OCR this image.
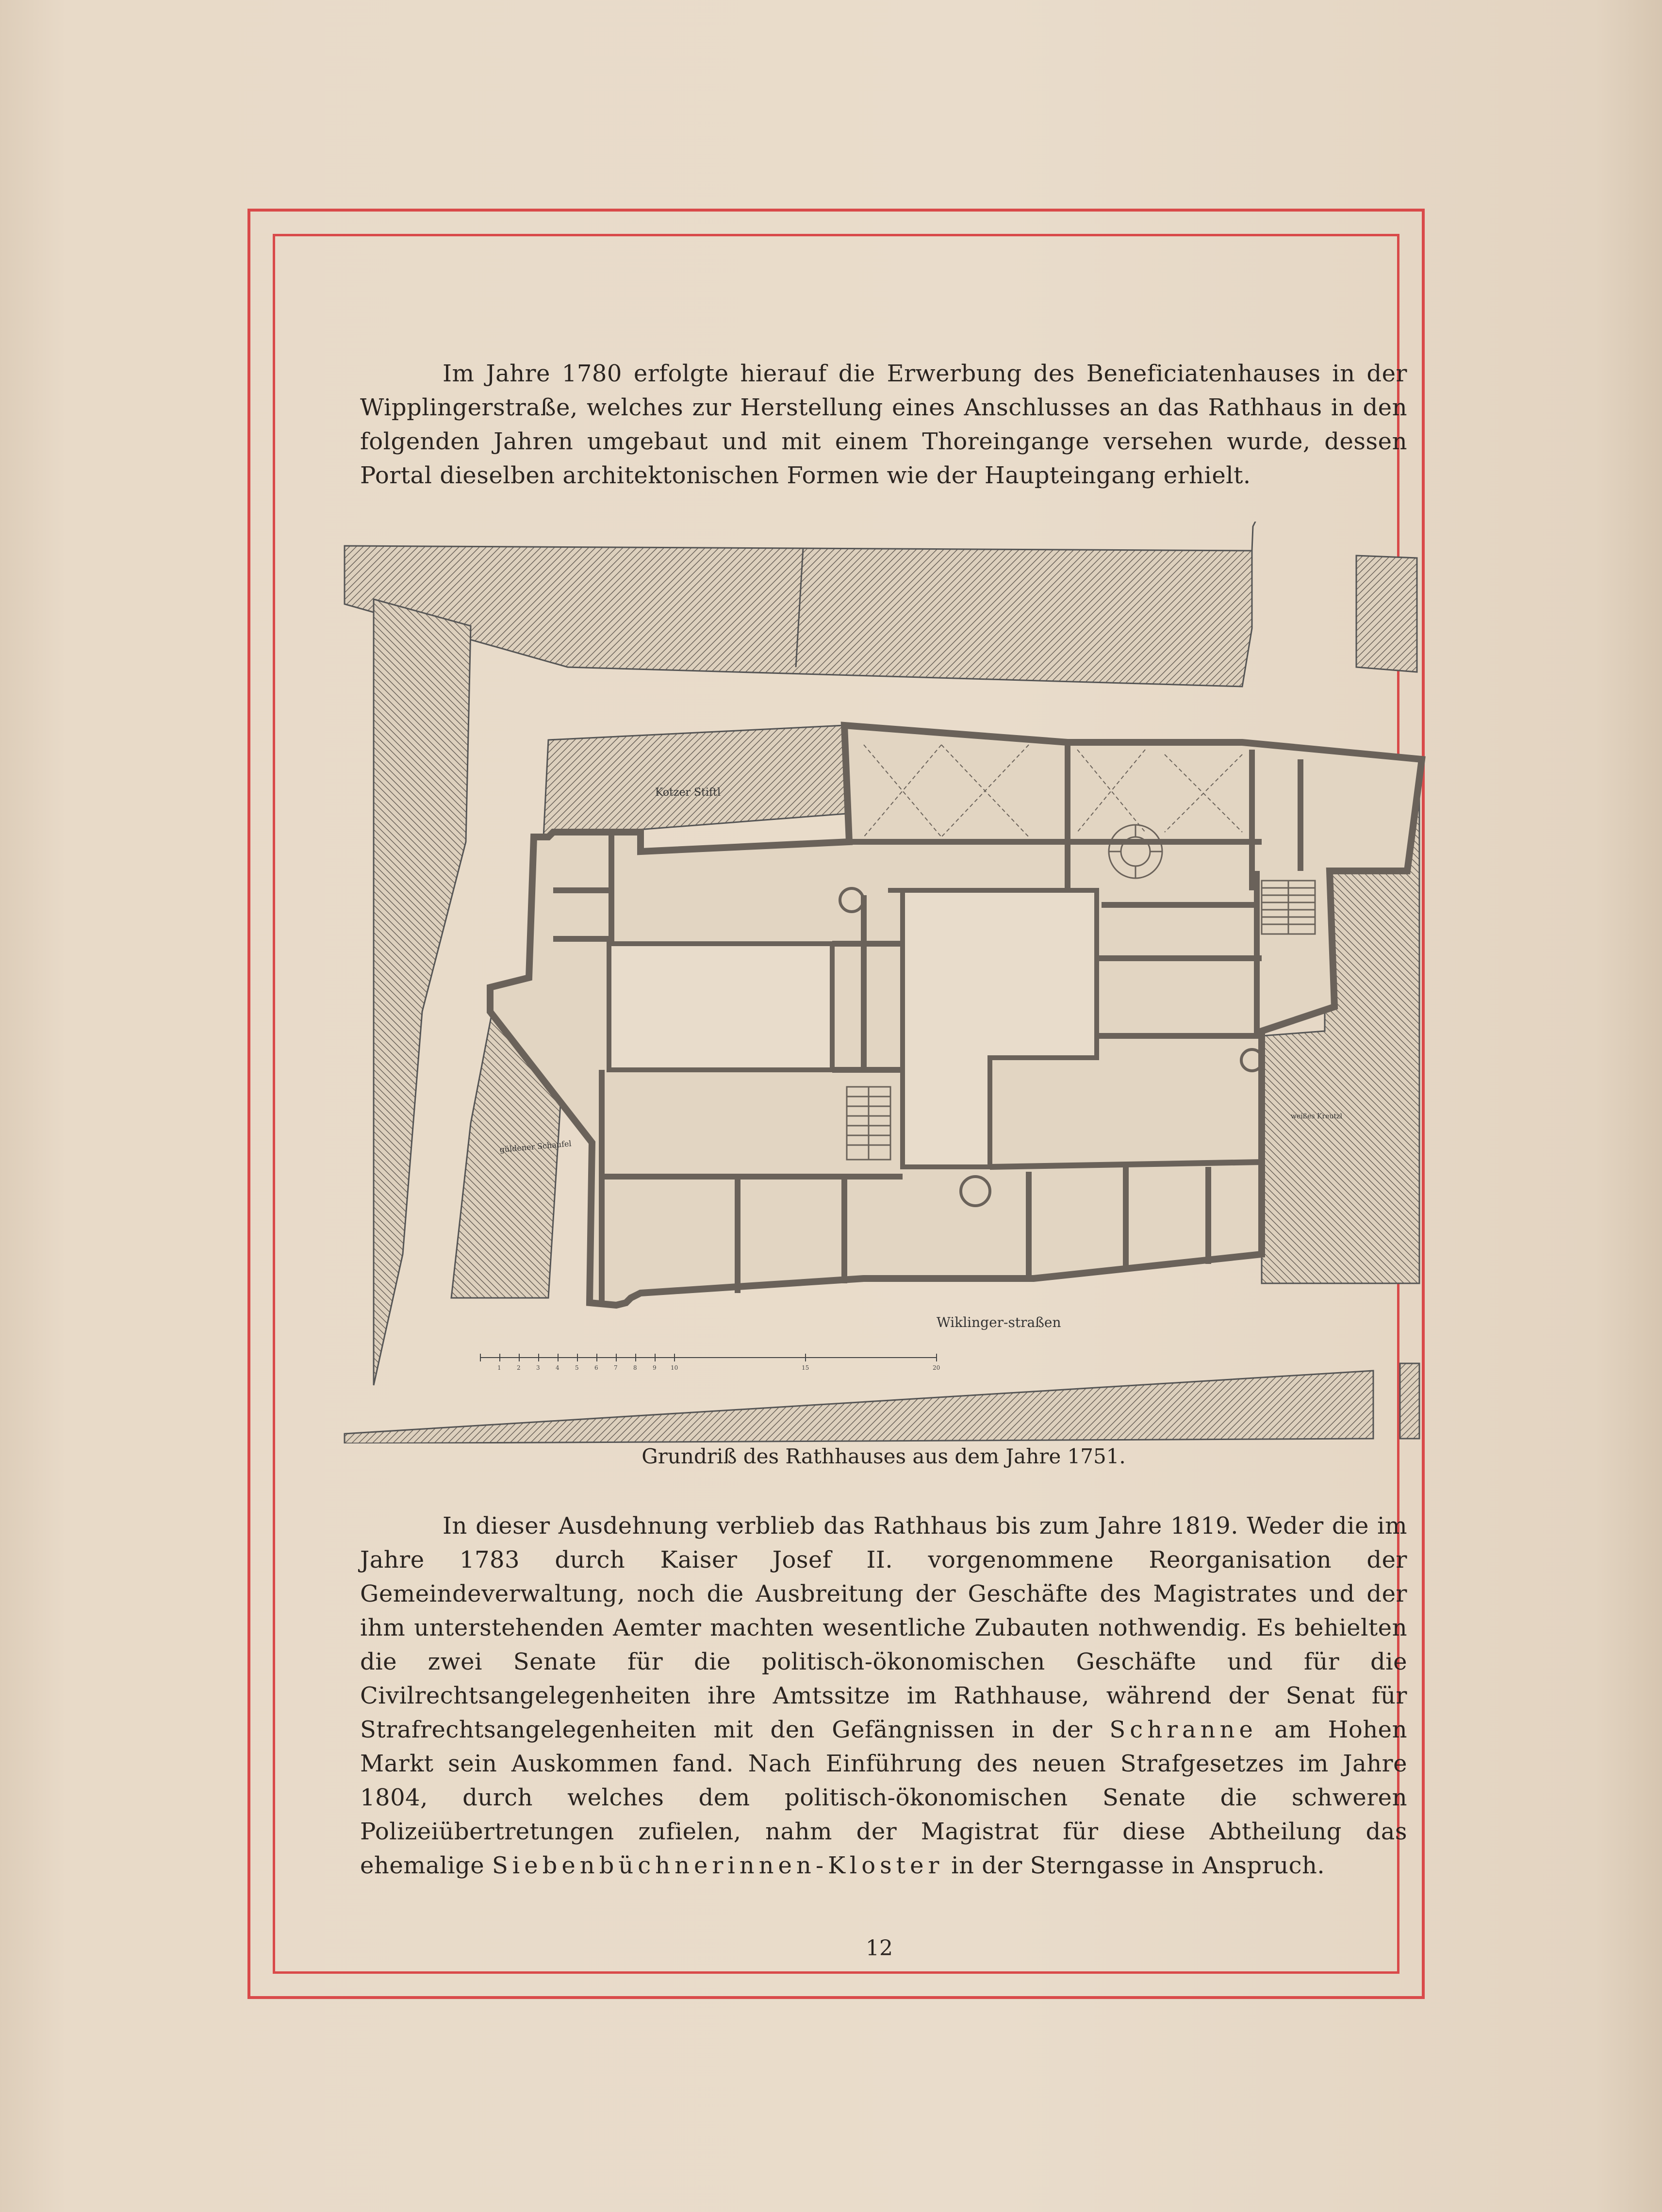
Im Jahre 1780 erfolgte hierauf die Erwerbung des Beneficiatenhauses in der Wipplingerstraße, welches zur Herstellung eines Anschlusses an das Rathhaus in den folgenden Jahren umgebaut und mit einem Thoreingange versehen wurde, dessen Portal dieselben architektonischen Formen wie der Haupteingang erhielt.

güldener Schaufel
Kotzer Stiftl
weißes Kreutzl
Wiklinger-straßen
1	2	3	4	5	6	7	8	9 10	15	20
Grundriß des Rathhauses aus dem Jahre 1751.

In dieser Ausdehnung verblieb das Rathhaus bis zum Jahre 1819. Weder die im Jahre 1783 durch Kaiser Josef II. vorgenommene Reorganisation der Gemeindeverwaltung, noch die Ausbreitung der Geschäfte des Magistrates und der ihm unterstehenden Aemter machten wesentliche Zubauten nothwendig. Es behielten die zwei Senate für die politisch-ökonomischen Geschäfte und für die Civilrechtsangelegenheiten ihre Amtssitze im Rathhause, während der Senat für Strafrechtsangelegenheiten mit den Gefängnissen in der Schranne am Hohen Markt sein Auskommen fand. Nach Einführung des neuen Strafgesetzes im Jahre 1804, durch welches dem politisch-ökonomischen Senate die schweren Polizeiübertretungen zufielen, nahm der Magistrat für diese Abtheilung das ehemalige Siebenbüchnerinnen-Kloster in der Sterngasse in Anspruch.

12
